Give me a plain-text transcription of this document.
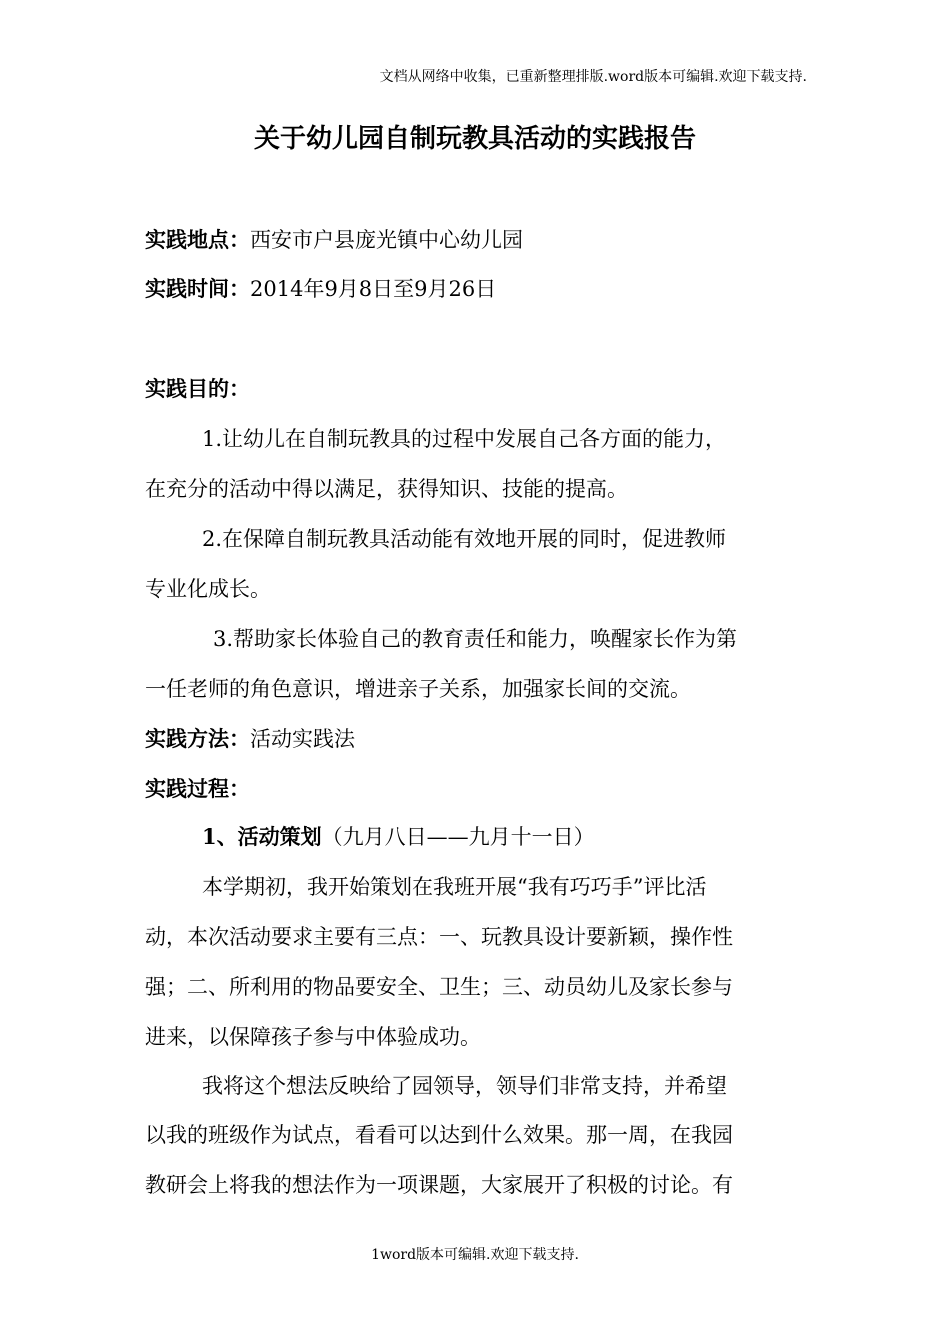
文档从网络中收集，已重新整理排版.word版本可编辑.欢迎下载支持.
关于幼儿园自制玩教具活动的实践报告
实践地点：西安市户县庞光镇中心幼儿园
实践时间：2014年9月8日至9月26日
实践目的：
1.让幼儿在自制玩教具的过程中发展自己各方面的能力，
在充分的活动中得以满足，获得知识、技能的提高。
2.在保障自制玩教具活动能有效地开展的同时，促进教师
专业化成长。
3.帮助家长体验自己的教育责任和能力，唤醒家长作为第
一任老师的角色意识，增进亲子关系，加强家长间的交流。
实践方法：活动实践法
实践过程：
1、活动策划（九月八日——九月十一日）
本学期初，我开始策划在我班开展“我有巧巧手”评比活
动，本次活动要求主要有三点：一、玩教具设计要新颖，操作性
强；二、所利用的物品要安全、卫生；三、动员幼儿及家长参与
进来，以保障孩子参与中体验成功。
我将这个想法反映给了园领导，领导们非常支持，并希望
以我的班级作为试点，看看可以达到什么效果。那一周，在我园
教研会上将我的想法作为一项课题，大家展开了积极的讨论。有
1word版本可编辑.欢迎下载支持.
